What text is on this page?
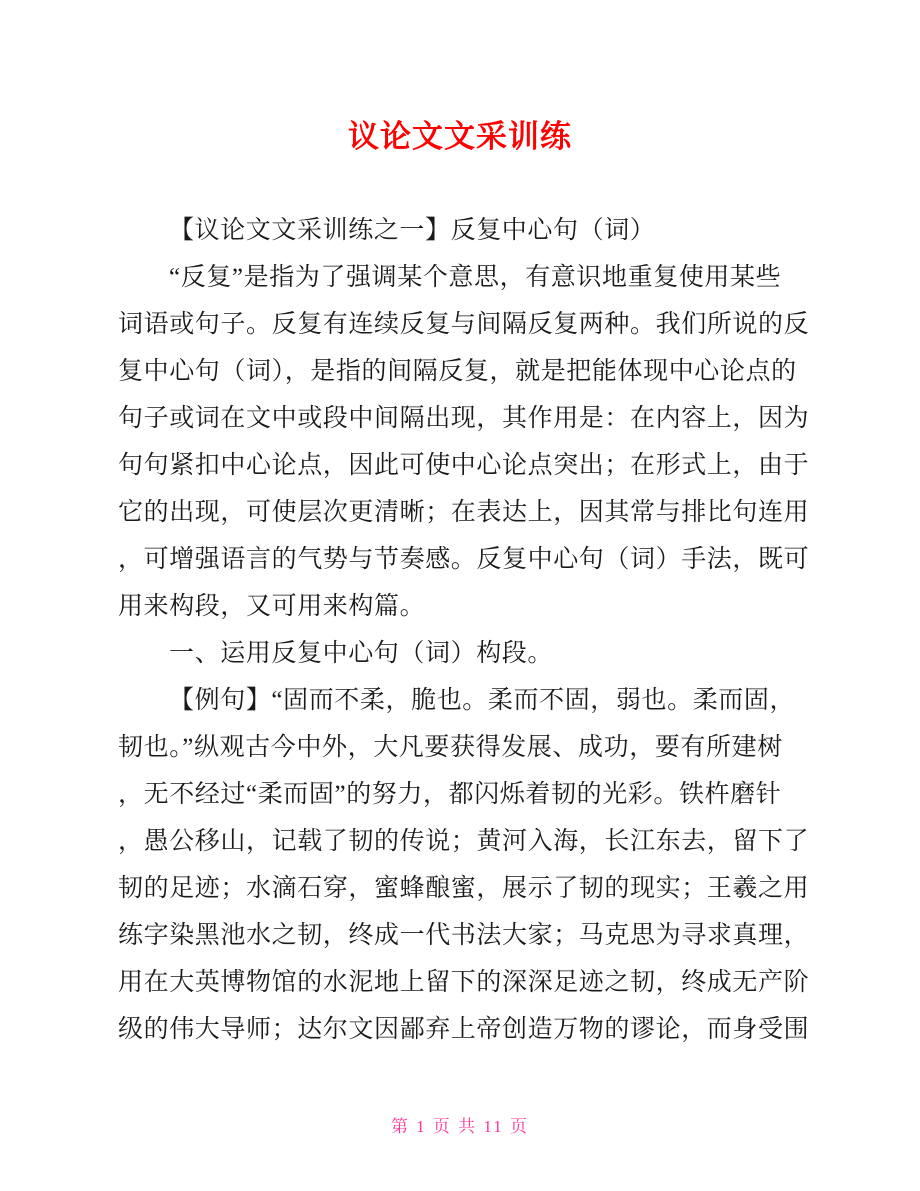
议论文文采训练
【议论文文采训练之一】反复中心句（词）
“反复”是指为了强调某个意思，有意识地重复使用某些
词语或句子。反复有连续反复与间隔反复两种。我们所说的反
复中心句（词），是指的间隔反复，就是把能体现中心论点的
句子或词在文中或段中间隔出现，其作用是：在内容上，因为
句句紧扣中心论点，因此可使中心论点突出；在形式上，由于
它的出现，可使层次更清晰；在表达上，因其常与排比句连用
，可增强语言的气势与节奏感。反复中心句（词）手法，既可
用来构段，又可用来构篇。
一、运用反复中心句（词）构段。
【例句】“固而不柔，脆也。柔而不固，弱也。柔而固，
韧也。”纵观古今中外，大凡要获得发展、成功，要有所建树
，无不经过“柔而固”的努力，都闪烁着韧的光彩。铁杵磨针
，愚公移山，记载了韧的传说；黄河入海，长江东去，留下了
韧的足迹；水滴石穿，蜜蜂酿蜜，展示了韧的现实；王羲之用
练字染黑池水之韧，终成一代书法大家；马克思为寻求真理，
用在大英博物馆的水泥地上留下的深深足迹之韧，终成无产阶
级的伟大导师；达尔文因鄙弃上帝创造万物的谬论，而身受围
第 1 页 共 11 页
